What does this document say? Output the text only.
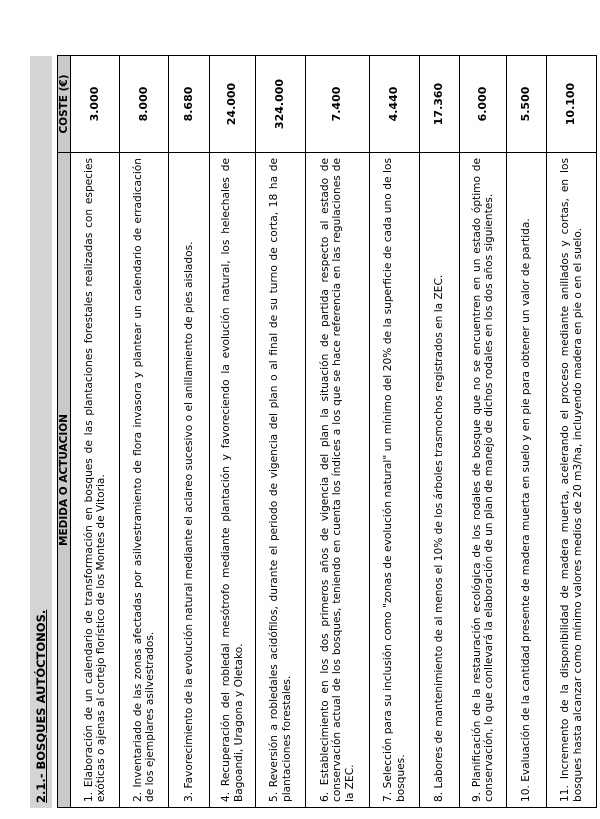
2.1.- BOSQUES AUTÓCTONOS.
MEDIDA O ACTUACIÓN	COSTE (€)
1. Elaboración de un calendario de transformación en bosques de las plantaciones forestales realizadas con especies exóticas o ajenas al cortejo florístico de los Montes de Vitoria.	3.000
2. Inventariado de las zonas afectadas por asilvestramiento de flora invasora y plantear un calendario de erradicación de los ejemplares asilvestrados.	8.000
3. Favorecimiento de la evolución natural mediante el aclareo sucesivo o el anillamiento de pies aislados.	8.680
4. Recuperación del robledal mesótrofo mediante plantación y favoreciendo la evolución natural, los helechales de Bagoandi, Uragona y Oletako.	24.000
5. Reversión a robledales acidófilos, durante el periodo de vigencia del plan o al final de su turno de corta, 18 ha de plantaciones forestales.	324.000
6. Establecimiento en los dos primeros años de vigencia del plan la situación de partida respecto al estado de conservación actual de los bosques, teniendo en cuenta los índices a los que se hace referencia en las regulaciones de la ZEC.	7.400
7. Selección para su inclusión como "zonas de evolución natural" un mínimo del 20% de la superficie de cada uno de los bosques.	4.440
8. Labores de mantenimiento de al menos el 10% de los árboles trasmochos registrados en la ZEC.	17.360
9. Planificación de la restauración ecológica de los rodales de bosque que no se encuentren en un estado óptimo de conservación, lo que conllevará la elaboración de un plan de manejo de dichos rodales en los dos años siguientes.	6.000
10. Evaluación de la cantidad presente de madera muerta en suelo y en pie para obtener un valor de partida.	5.500
11. Incremento de la disponibilidad de madera muerta, acelerando el proceso mediante anillados y cortas, en los bosques hasta alcanzar como mínimo valores medios de 20 m3/ha, incluyendo madera en pie o en el suelo.	10.100
